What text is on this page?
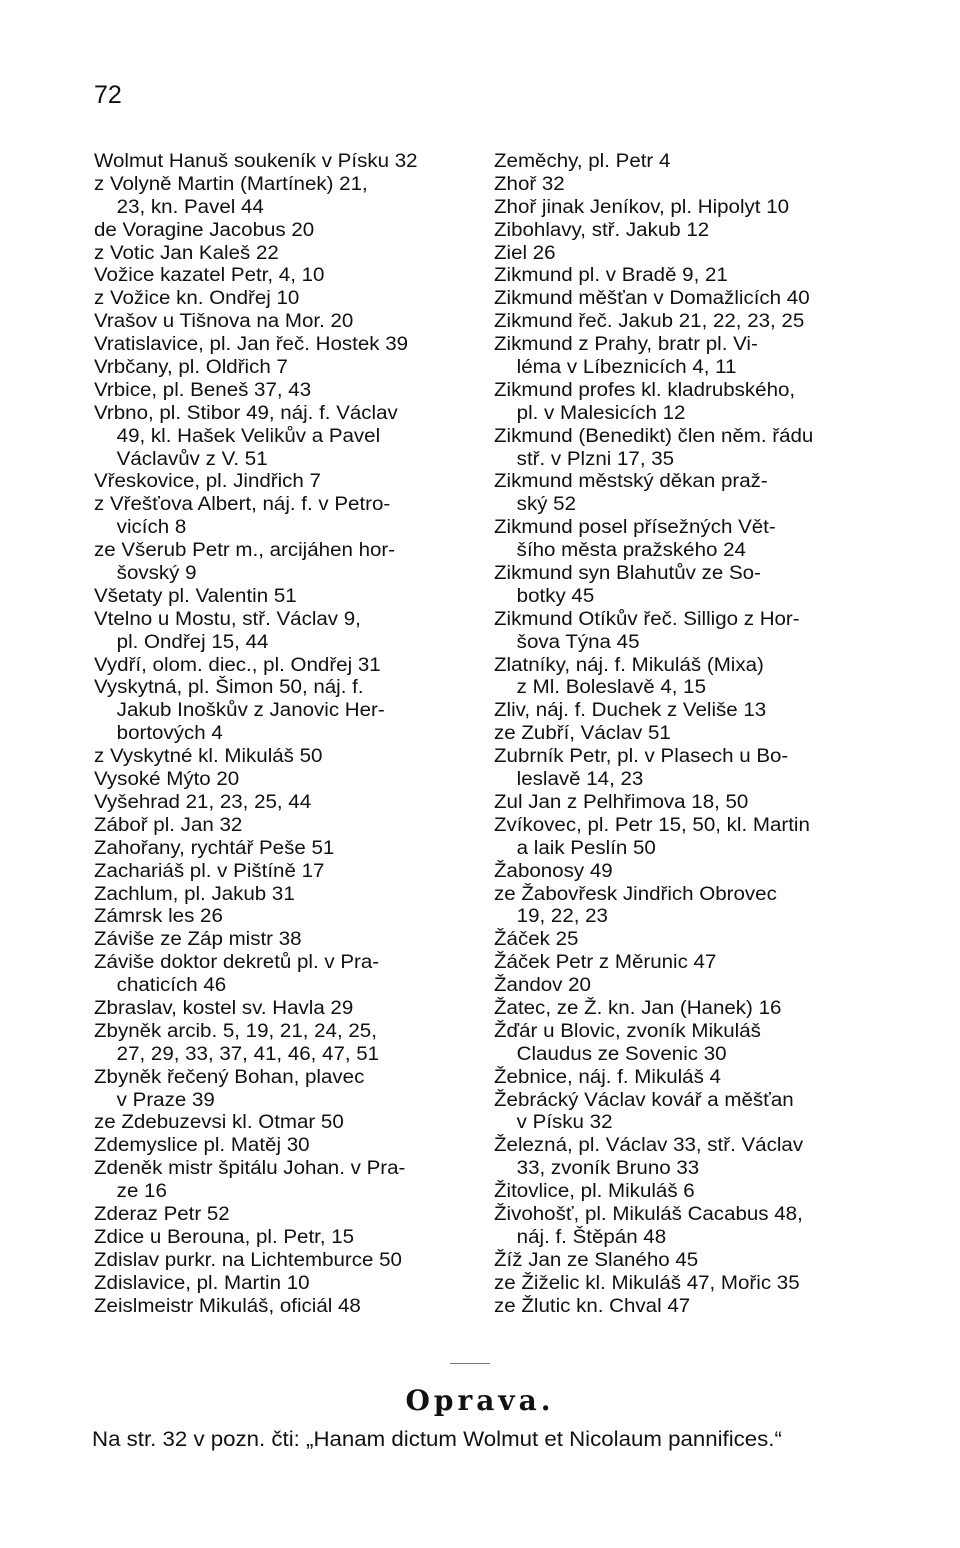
72
Wolmut Hanuš soukeník v Písku 32
z Volyně Martin (Martínek) 21,
23, kn. Pavel 44
de Voragine Jacobus 20
z Votic Jan Kaleš 22
Vožice kazatel Petr, 4, 10
z Vožice kn. Ondřej 10
Vrašov u Tišnova na Mor. 20
Vratislavice, pl. Jan řeč. Hostek 39
Vrbčany, pl. Oldřich 7
Vrbice, pl. Beneš 37, 43
Vrbno, pl. Stibor 49, náj. f. Václav
49, kl. Hašek Velikův a Pavel
Václavův z V. 51
Vřeskovice, pl. Jindřich 7
z Vřešťova Albert, náj. f. v Petro-
vicích 8
ze Všerub Petr m., arcijáhen hor-
šovský 9
Všetaty pl. Valentin 51
Vtelno u Mostu, stř. Václav 9,
pl. Ondřej 15, 44
Vydří, olom. diec., pl. Ondřej 31
Vyskytná, pl. Šimon 50, náj. f.
Jakub Inoškův z Janovic Her-
bortových 4
z Vyskytné kl. Mikuláš 50
Vysoké Mýto 20
Vyšehrad 21, 23, 25, 44
Záboř pl. Jan 32
Zahořany, rychtář Peše 51
Zachariáš pl. v Pištíně 17
Zachlum, pl. Jakub 31
Zámrsk les 26
Záviše ze Záp mistr 38
Záviše doktor dekretů pl. v Pra-
chaticích 46
Zbraslav, kostel sv. Havla 29
Zbyněk arcib. 5, 19, 21, 24, 25,
27, 29, 33, 37, 41, 46, 47, 51
Zbyněk řečený Bohan, plavec
v Praze 39
ze Zdebuzevsi kl. Otmar 50
Zdemyslice pl. Matěj 30
Zdeněk mistr špitálu Johan. v Pra-
ze 16
Zderaz Petr 52
Zdice u Berouna, pl. Petr, 15
Zdislav purkr. na Lichtemburce 50
Zdislavice, pl. Martin 10
Zeislmeistr Mikuláš, oficiál 48
Zeměchy, pl. Petr 4
Zhoř 32
Zhoř jinak Jeníkov, pl. Hipolyt 10
Zibohlavy, stř. Jakub 12
Ziel 26
Zikmund pl. v Bradě 9, 21
Zikmund měšťan v Domažlicích 40
Zikmund řeč. Jakub 21, 22, 23, 25
Zikmund z Prahy, bratr pl. Vi-
léma v Líbeznicích 4, 11
Zikmund profes kl. kladrubského,
pl. v Malesicích 12
Zikmund (Benedikt) člen něm. řádu
stř. v Plzni 17, 35
Zikmund městský děkan praž-
ský 52
Zikmund posel přísežných Vět-
šího města pražského 24
Zikmund syn Blahutův ze So-
botky 45
Zikmund Otíkův řeč. Silligo z Hor-
šova Týna 45
Zlatníky, náj. f. Mikuláš (Mixa)
z Ml. Boleslavě 4, 15
Zliv, náj. f. Duchek z Veliše 13
ze Zubří, Václav 51
Zubrník Petr, pl. v Plasech u Bo-
leslavě 14, 23
Zul Jan z Pelhřimova 18, 50
Zvíkovec, pl. Petr 15, 50, kl. Martin
a laik Peslín 50
Žabonosy 49
ze Žabovřesk Jindřich Obrovec
19, 22, 23
Žáček 25
Žáček Petr z Měrunic 47
Žandov 20
Žatec, ze Ž. kn. Jan (Hanek) 16
Žďár u Blovic, zvoník Mikuláš
Claudus ze Sovenic 30
Žebnice, náj. f. Mikuláš 4
Žebrácký Václav kovář a měšťan
v Písku 32
Železná, pl. Václav 33, stř. Václav
33, zvoník Bruno 33
Žitovlice, pl. Mikuláš 6
Živohošť, pl. Mikuláš Cacabus 48,
náj. f. Štěpán 48
Žíž Jan ze Slaného 45
ze Žiželic kl. Mikuláš 47, Mořic 35
ze Žlutic kn. Chval 47
Oprava.
Na str. 32 v pozn. čti: „Hanam dictum Wolmut et Nicolaum pannifices.“
